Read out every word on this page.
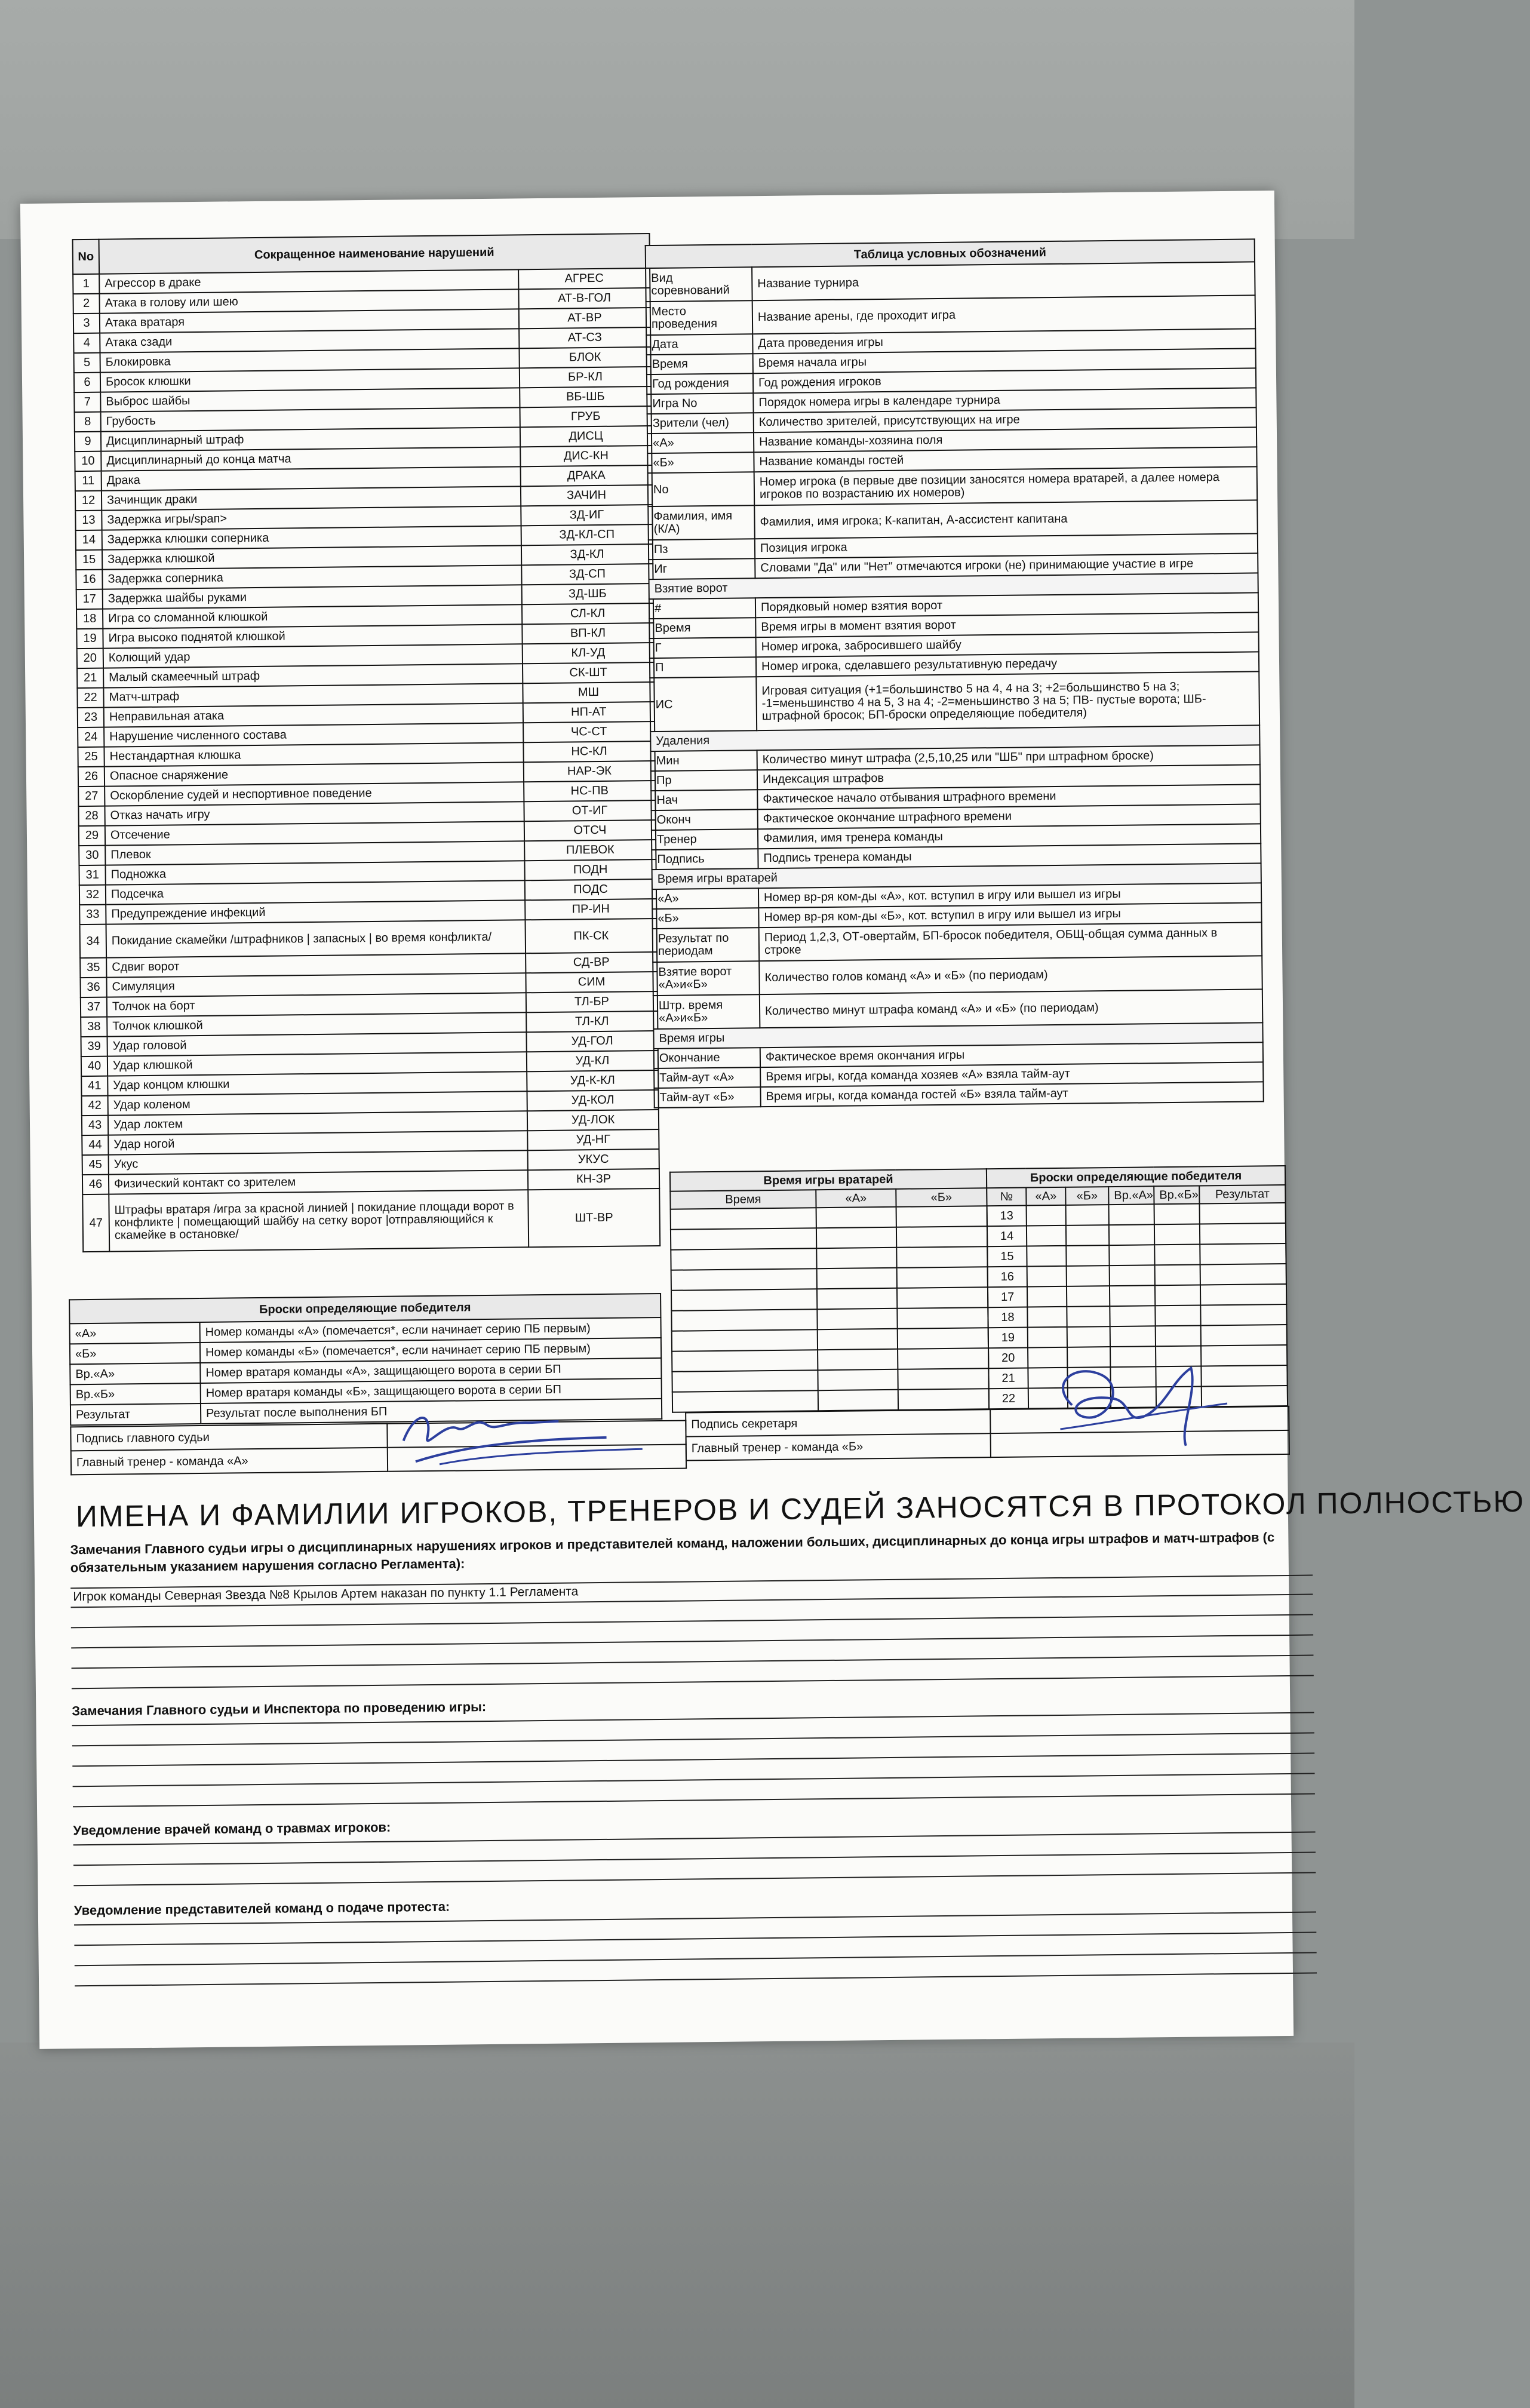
No	Сокращенное наименование нарушений	
1	Агрессор в драке	АГРЕС
2	Атака в голову или шею	АТ-В-ГОЛ
3	Атака вратаря	АТ-ВР
4	Атака сзади	АТ-СЗ
5	Блокировка	БЛОК
6	Бросок клюшки	БР-КЛ
7	Выброс шайбы	ВБ-ШБ
8	Грубость	ГРУБ
9	Дисциплинарный штраф	ДИСЦ
10	Дисциплинарный до конца матча	ДИС-КН
11	Драка	ДРАКА
12	Зачинщик драки	ЗАЧИН
13	Задержка игры/spап>	ЗД-ИГ
14	Задержка клюшки соперника	ЗД-КЛ-СП
15	Задержка клюшкой	ЗД-КЛ
16	Задержка соперника	ЗД-СП
17	Задержка шайбы руками	ЗД-ШБ
18	Игра со сломанной клюшкой	СЛ-КЛ
19	Игра высоко поднятой клюшкой	ВП-КЛ
20	Колющий удар	КЛ-УД
21	Малый скамеечный штраф	СК-ШТ
22	Матч-штраф	МШ
23	Неправильная атака	НП-АТ
24	Нарушение численного состава	ЧС-СТ
25	Нестандартная клюшка	НС-КЛ
26	Опасное снаряжение	НАР-ЭК
27	Оскорбление судей и неспортивное поведение	НС-ПВ
28	Отказ начать игру	ОТ-ИГ
29	Отсечение	ОТСЧ
30	Плевок	ПЛЕВОК
31	Подножка	ПОДН
32	Подсечка	ПОДС
33	Предупреждение инфекций	ПР-ИН
34	Покидание скамейки /штрафников | запасных | во время конфликта/	ПК-СК
35	Сдвиг ворот	СД-ВР
36	Симуляция	СИМ
37	Толчок на борт	ТЛ-БР
38	Толчок клюшкой	ТЛ-КЛ
39	Удар головой	УД-ГОЛ
40	Удар клюшкой	УД-КЛ
41	Удар концом клюшки	УД-К-КЛ
42	Удар коленом	УД-КОЛ
43	Удар локтем	УД-ЛОК
44	Удар ногой	УД-НГ
45	Укус	УКУС
46	Физический контакт со зрителем	КН-ЗР
47	Штрафы вратаря /игра за красной линией | покидание площади ворот в конфликте | помещающий шайбу на сетку ворот |отправляющийся к скамейке в остановке/	ШТ-ВР
Таблица условных обозначений	
Вид соревнований	Название турнира
Место проведения	Название арены, где проходит игра
Дата	Дата проведения игры
Время	Время начала игры
Год рождения	Год рождения игроков
Игра No	Порядок номера игры в календаре турнира
Зрители (чел)	Количество зрителей, присутствующих на игре
«А»	Название команды-хозяина поля
«Б»	Название команды гостей
No	Номер игрока (в первые две позиции заносятся номера вратарей, а далее номера игроков по возрастанию их номеров)
Фамилия, имя (К/А)	Фамилия, имя игрока; К-капитан, А-ассистент капитана
Пз	Позиция игрока
Иг	Словами "Да" или "Нет" отмечаются игроки (не) принимающие участие в игре
Взятие ворот	
#	Порядковый номер взятия ворот
Время	Время игры в момент взятия ворот
Г	Номер игрока, забросившего шайбу
П	Номер игрока, сделавшего результативную передачу
ИС	Игровая ситуация (+1=большинство 5 на 4, 4 на 3; +2=большинство 5 на 3; -1=меньшинство 4 на 5, 3 на 4; -2=меньшинство 3 на 5; ПВ- пустые ворота; ШБ-штрафной бросок; БП-броски определяющие победителя)
Удаления	
Мин	Количество минут штрафа (2,5,10,25 или "ШБ" при штрафном броске)
Пр	Индексация штрафов
Нач	Фактическое начало отбывания штрафного времени
Оконч	Фактическое окончание штрафного времени
Тренер	Фамилия, имя тренера команды
Подпись	Подпись тренера команды
Время игры вратарей	
«А»	Номер вр-ря ком-ды «А», кот. вступил в игру или вышел из игры
«Б»	Номер вр-ря ком-ды «Б», кот. вступил в игру или вышел из игры
Результат по периодам	Период 1,2,3, ОТ-овертайм, БП-бросок победителя, ОБЩ-общая сумма данных в строке
Взятие ворот «А»и«Б»	Количество голов команд «А» и «Б» (по периодам)
Штр. время «А»и«Б»	Количество минут штрафа команд «А» и «Б» (по периодам)
Время игры	
Окончание	Фактическое время окончания игры
Тайм-аут «А»	Время игры, когда команда хозяев «А» взяла тайм-аут
Тайм-аут «Б»	Время игры, когда команда гостей «Б» взяла тайм-аут
Время игры вратарей		
Время	«А»	«Б»

Броски определяющие победителя					
№	«А»	«Б»	Вр.«А»	Вр.«Б»	Результат
13					
14					
15					
16					
17					
18					
19					
20					
21					
22					
Броски определяющие победителя	
«А»	Номер команды «А» (помечается*, если начинает серию ПБ первым)
«Б»	Номер команды «Б» (помечается*, если начинает серию ПБ первым)
Вр.«А»	Номер вратаря команды «А», защищающего ворота в серии БП
Вр.«Б»	Номер вратаря команды «Б», защищающего ворота в серии БП
Результат	Результат после выполнения БП
Подпись главного судьи	
Главный тренер - команда «А»	
Подпись секретаря	
Главный тренер - команда «Б»	
ИМЕНА И ФАМИЛИИ ИГРОКОВ, ТРЕНЕРОВ И СУДЕЙ ЗАНОСЯТСЯ В ПРОТОКОЛ ПОЛНОСТЬЮ
Замечания Главного судьи игры о дисциплинарных нарушениях игроков и представителей команд, наложении больших, дисциплинарных до конца игры штрафов и матч-штрафов (с обязательным указанием нарушения согласно Регламента):
Игрок команды Северная Звезда №8 Крылов Артем наказан по пункту 1.1 Регламента
Замечания Главного судьи и Инспектора по проведению игры:
Уведомление врачей команд о травмах игроков:
Уведомление представителей команд о подаче протеста:
